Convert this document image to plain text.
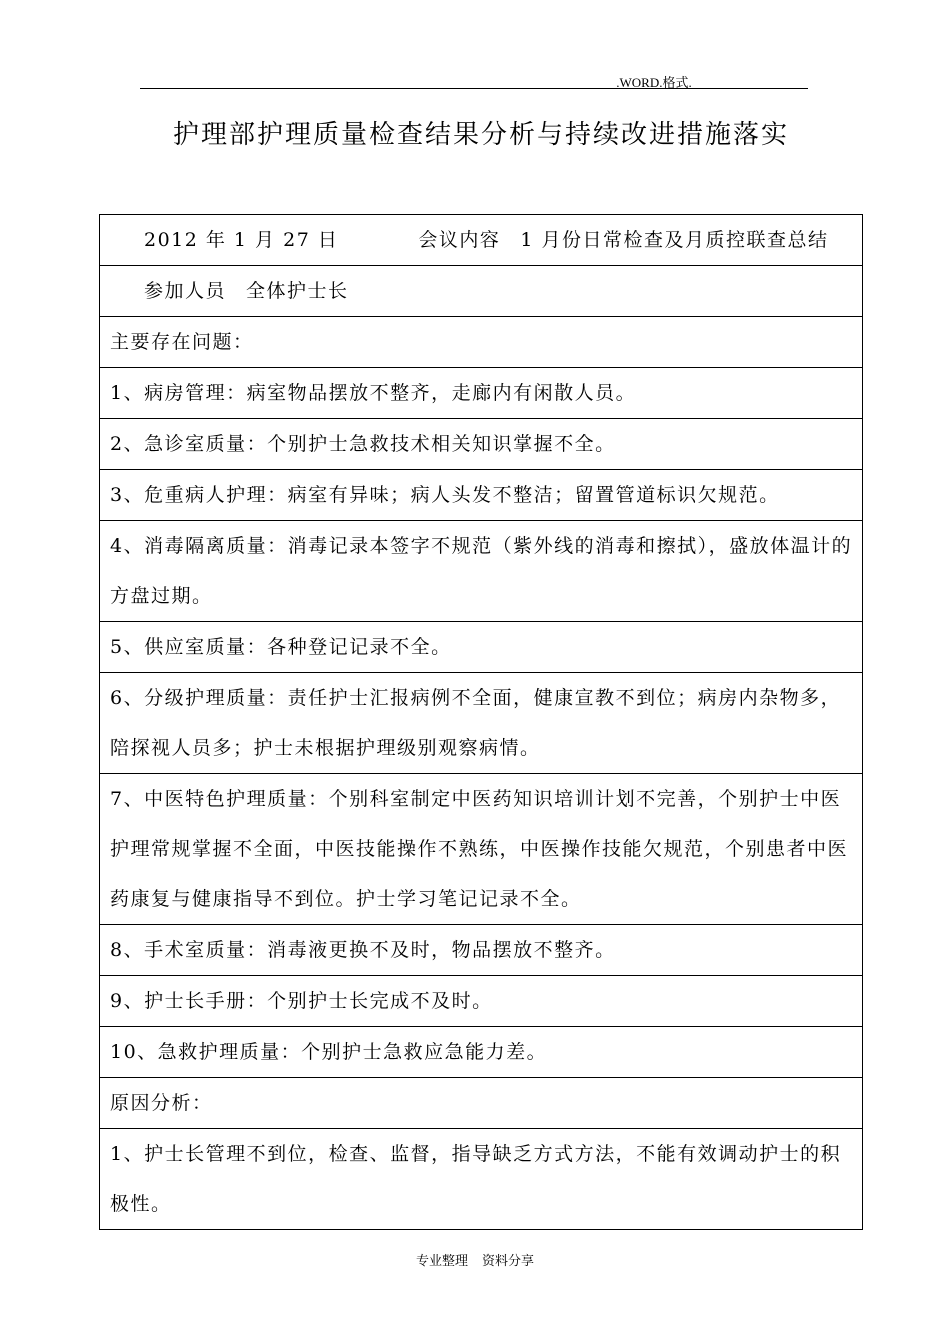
.WORD.格式.
护理部护理质量检查结果分析与持续改进措施落实
2012 年 1 月 27 日	会议内容 1 月份日常检查及月质控联查总结

参加人员 全体护士长

主要存在问题：
1、病房管理：病室物品摆放不整齐，走廊内有闲散人员。
2、急诊室质量：个别护士急救技术相关知识掌握不全。
3、危重病人护理：病室有异味；病人头发不整洁；留置管道标识欠规范。
4、消毒隔离质量：消毒记录本签字不规范（紫外线的消毒和擦拭），盛放体温计的方盘过期。
5、供应室质量：各种登记记录不全。
6、分级护理质量：责任护士汇报病例不全面，健康宣教不到位；病房内杂物多，陪探视人员多；护士未根据护理级别观察病情。
7、中医特色护理质量：个别科室制定中医药知识培训计划不完善，个别护士中医护理常规掌握不全面，中医技能操作不熟练，中医操作技能欠规范，个别患者中医药康复与健康指导不到位。护士学习笔记记录不全。
8、手术室质量：消毒液更换不及时，物品摆放不整齐。
9、护士长手册：个别护士长完成不及时。
10、急救护理质量：个别护士急救应急能力差。
原因分析：
1、护士长管理不到位，检查、监督，指导缺乏方式方法，不能有效调动护士的积极性。
专业整理 资料分享
